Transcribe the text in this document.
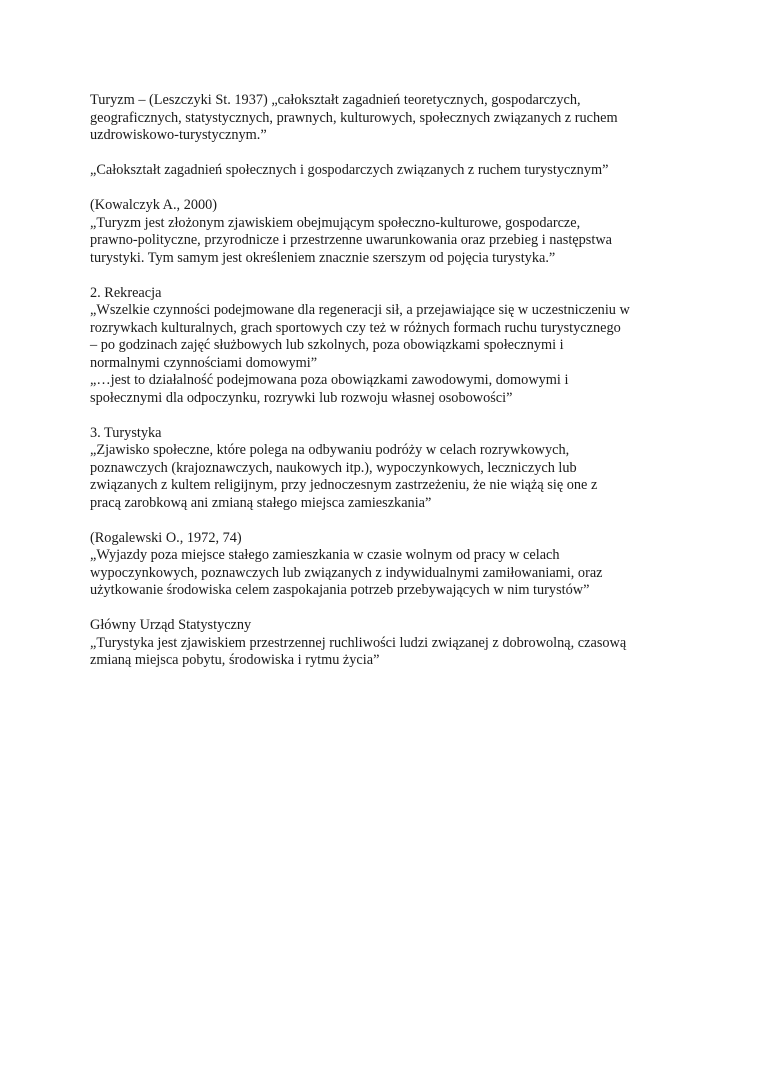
Turyzm – (Leszczyki St. 1937) „całokształt zagadnień teoretycznych, gospodarczych,
geograficznych, statystycznych, prawnych, kulturowych, społecznych związanych z ruchem
uzdrowiskowo-turystycznym.”
„Całokształt zagadnień społecznych i gospodarczych związanych z ruchem turystycznym”
(Kowalczyk A., 2000)
„Turyzm jest złożonym zjawiskiem obejmującym społeczno-kulturowe, gospodarcze,
prawno-polityczne, przyrodnicze i przestrzenne uwarunkowania oraz przebieg i następstwa
turystyki. Tym samym jest określeniem znacznie szerszym od pojęcia turystyka.”
2. Rekreacja
„Wszelkie czynności podejmowane dla regeneracji sił, a przejawiające się w uczestniczeniu w
rozrywkach kulturalnych, grach sportowych czy też w różnych formach ruchu turystycznego
– po godzinach zajęć służbowych lub szkolnych, poza obowiązkami społecznymi i
normalnymi czynnościami domowymi”
„…jest to działalność podejmowana poza obowiązkami zawodowymi, domowymi i
społecznymi dla odpoczynku, rozrywki lub rozwoju własnej osobowości”
3. Turystyka
„Zjawisko społeczne, które polega na odbywaniu podróży w celach rozrywkowych,
poznawczych (krajoznawczych, naukowych itp.), wypoczynkowych, leczniczych lub
związanych z kultem religijnym, przy jednoczesnym zastrzeżeniu, że nie wiążą się one z
pracą zarobkową ani zmianą stałego miejsca zamieszkania”
(Rogalewski O., 1972, 74)
„Wyjazdy poza miejsce stałego zamieszkania w czasie wolnym od pracy w celach
wypoczynkowych, poznawczych lub związanych z indywidualnymi zamiłowaniami, oraz
użytkowanie środowiska celem zaspokajania potrzeb przebywających w nim turystów”
Główny Urząd Statystyczny
„Turystyka jest zjawiskiem przestrzennej ruchliwości ludzi związanej z dobrowolną, czasową
zmianą miejsca pobytu, środowiska i rytmu życia”
